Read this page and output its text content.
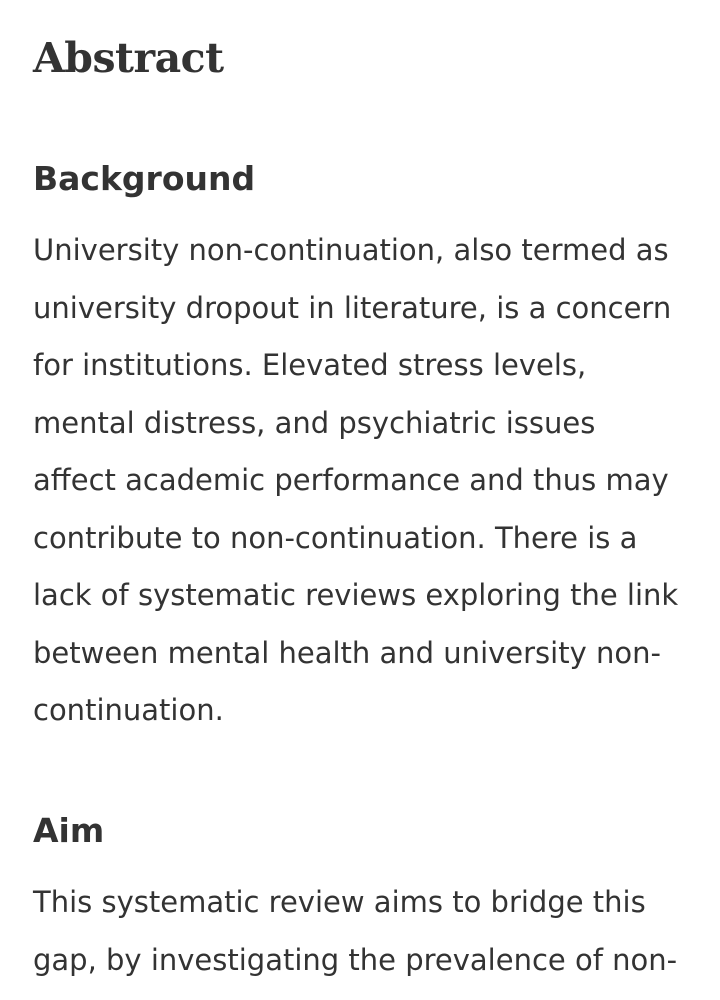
Abstract
Background

University non-continuation, also termed as
university dropout in literature, is a concern
for institutions. Elevated stress levels,
mental distress, and psychiatric issues
affect academic performance and thus may
contribute to non-continuation. There is a
lack of systematic reviews exploring the link
between mental health and university non-
continuation.

Aim

This systematic review aims to bridge this
gap, by investigating the prevalence of non-
